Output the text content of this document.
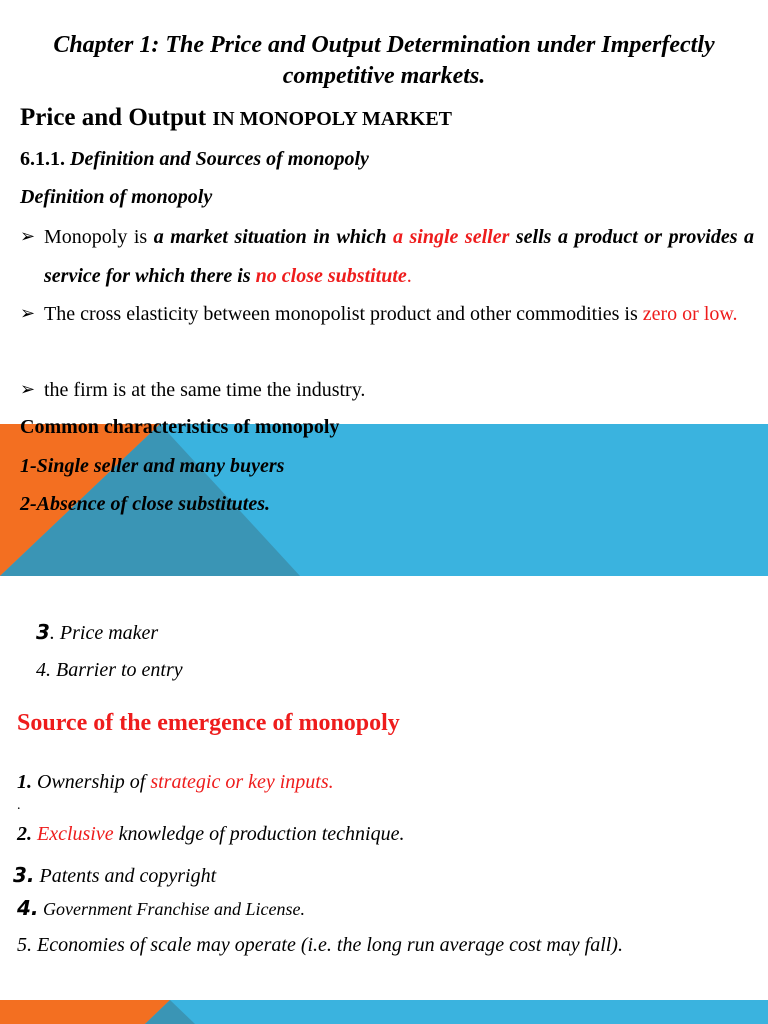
Chapter 1: The Price and Output Determination under Imperfectly competitive markets.
Price and Output IN MONOPOLY MARKET
6.1.1. Definition and Sources of monopoly
Definition of monopoly
➢ Monopoly is a market situation in which a single seller sells a product or provides a service for which there is no close substitute.
➢ The cross elasticity between monopolist product and other commodities is zero or low.
➢ the firm is at the same time the industry.
Common characteristics of monopoly
1-Single seller and many buyers
2-Absence of close substitutes.
3. Price maker
4. Barrier to entry
Source of the emergence of monopoly
1. Ownership of strategic or key inputs.
.
2. Exclusive knowledge of production technique.
3. Patents and copyright
4. Government Franchise and License.
5. Economies of scale may operate (i.e. the long run average cost may fall).
